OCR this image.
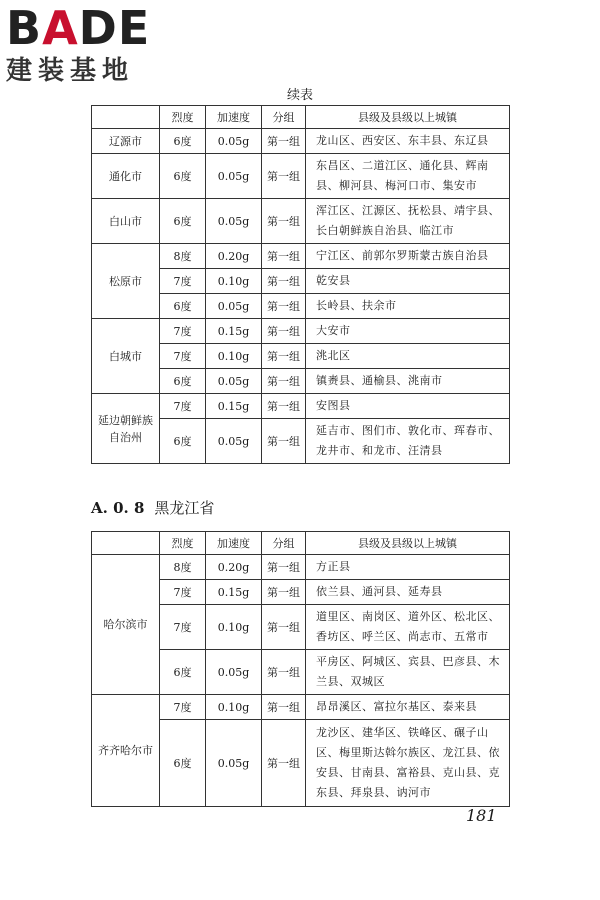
BADE
建装基地
续表
	烈度	加速度	分组	县级及县级以上城镇
辽源市	6度	0.05g	第一组	龙山区、西安区、东丰县、东辽县
通化市	6度	0.05g	第一组	东昌区、二道江区、通化县、辉南县、柳河县、梅河口市、集安市
白山市	6度	0.05g	第一组	浑江区、江源区、抚松县、靖宇县、长白朝鲜族自治县、临江市
松原市	8度	0.20g	第一组	宁江区、前郭尔罗斯蒙古族自治县
	7度	0.10g	第一组	乾安县
	6度	0.05g	第一组	长岭县、扶余市
白城市	7度	0.15g	第一组	大安市
	7度	0.10g	第一组	洮北区
	6度	0.05g	第一组	镇赉县、通榆县、洮南市
延边朝鲜族自治州	7度	0.15g	第一组	安图县
	6度	0.05g	第一组	延吉市、图们市、敦化市、珲春市、龙井市、和龙市、汪清县
A. 0. 8 黑龙江省
	烈度	加速度	分组	县级及县级以上城镇
哈尔滨市	8度	0.20g	第一组	方正县
	7度	0.15g	第一组	依兰县、通河县、延寿县
	7度	0.10g	第一组	道里区、南岗区、道外区、松北区、香坊区、呼兰区、尚志市、五常市
	6度	0.05g	第一组	平房区、阿城区、宾县、巴彦县、木兰县、双城区
齐齐哈尔市	7度	0.10g	第一组	昂昂溪区、富拉尔基区、泰来县
	6度	0.05g	第一组	龙沙区、建华区、铁峰区、碾子山区、梅里斯达斡尔族区、龙江县、依安县、甘南县、富裕县、克山县、克东县、拜泉县、讷河市
181
